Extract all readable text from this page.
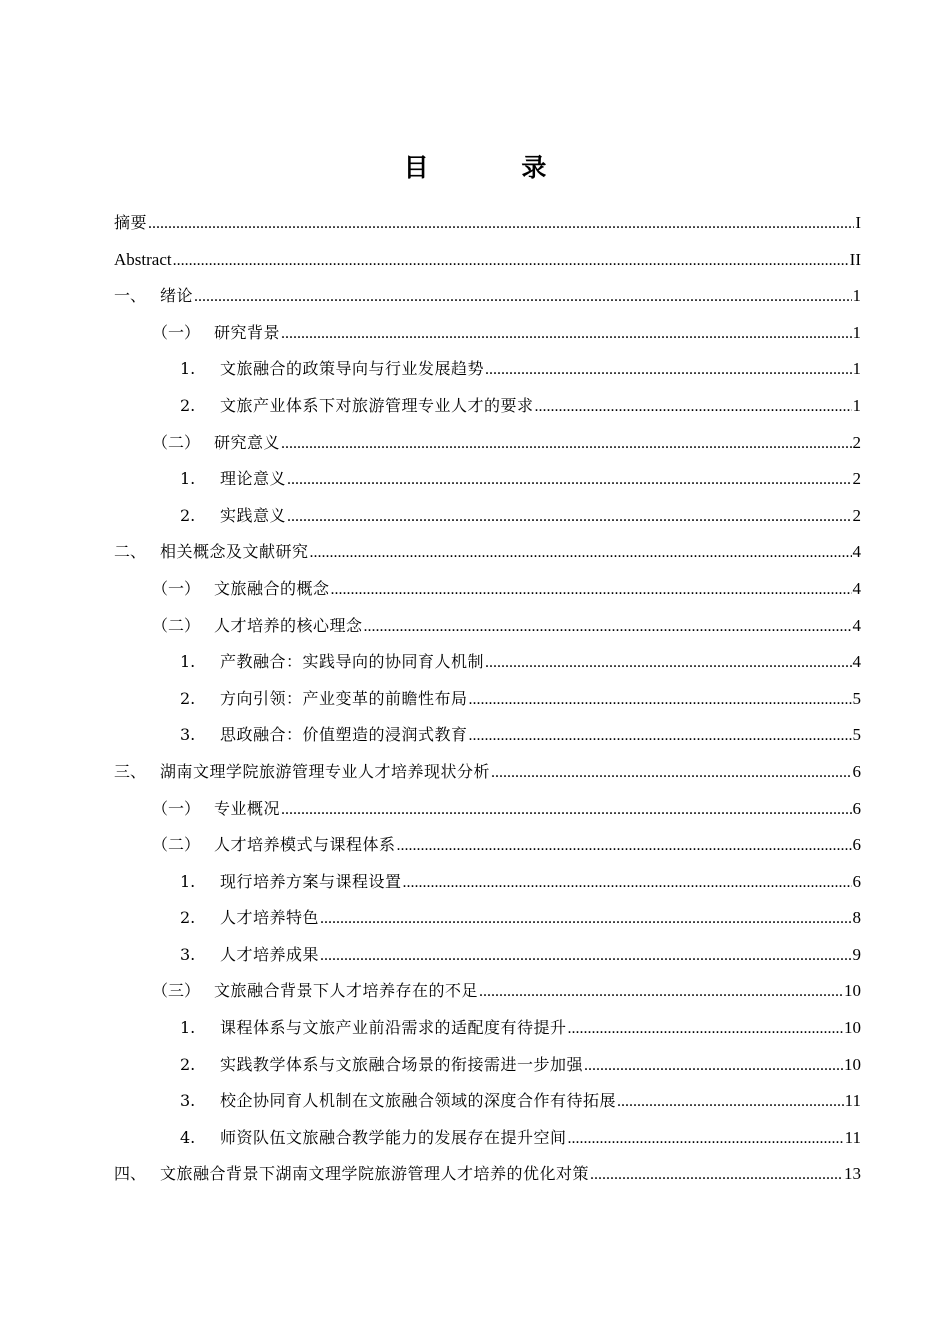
目 录
摘要 .....	I
Abstract .....	II
一、 绪论 .....	1
（一） 研究背景 .....	1
1.	文旅融合的政策导向与行业发展趋势 .....	1
2.	文旅产业体系下对旅游管理专业人才的要求 .....	1
（二） 研究意义 .....	2
1.	理论意义 .....	2
2.	实践意义 .....	2
二、 相关概念及文献研究 .....	4
（一） 文旅融合的概念 .....	4
（二） 人才培养的核心理念 .....	4
1.	产教融合：实践导向的协同育人机制 .....	4
2.	方向引领：产业变革的前瞻性布局 .....	5
3.	思政融合：价值塑造的浸润式教育 .....	5
三、 湖南文理学院旅游管理专业人才培养现状分析 .....	6
（一） 专业概况 .....	6
（二） 人才培养模式与课程体系 .....	6
1.	现行培养方案与课程设置 .....	6
2.	人才培养特色 .....	8
3.	人才培养成果 .....	9
（三） 文旅融合背景下人才培养存在的不足 .....	10
1.	课程体系与文旅产业前沿需求的适配度有待提升 .....	10
2.	实践教学体系与文旅融合场景的衔接需进一步加强 .....	10
3.	校企协同育人机制在文旅融合领域的深度合作有待拓展 .....	11
4.	师资队伍文旅融合教学能力的发展存在提升空间 .....	11
四、 文旅融合背景下湖南文理学院旅游管理人才培养的优化对策 .....	13
